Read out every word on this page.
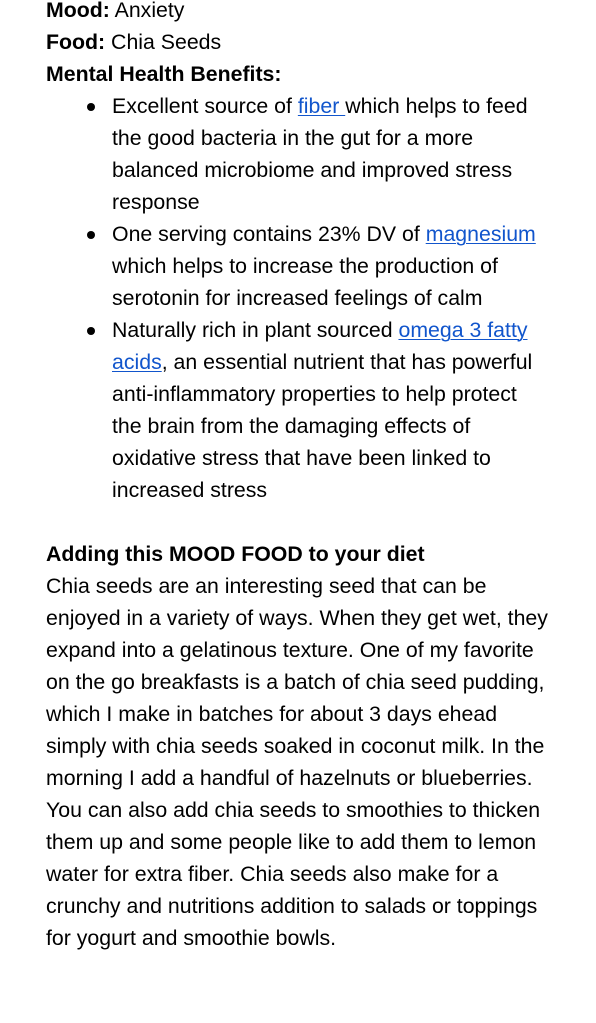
Mood: Anxiety

Food: Chia Seeds

Mental Health Benefits:

Excellent source of fiber which helps to feed the good bacteria in the gut for a more balanced microbiome and improved stress response
One serving contains 23% DV of magnesium which helps to increase the production of serotonin for increased feelings of calm
Naturally rich in plant sourced omega 3 fatty acids, an essential nutrient that has powerful anti-inflammatory properties to help protect the brain from the damaging effects of oxidative stress that have been linked to increased stress

Adding this MOOD FOOD to your diet

Chia seeds are an interesting seed that can be enjoyed in a variety of ways. When they get wet, they expand into a gelatinous texture. One of my favorite on the go breakfasts is a batch of chia seed pudding, which I make in batches for about 3 days ehead simply with chia seeds soaked in coconut milk. In the morning I add a handful of hazelnuts or blueberries. You can also add chia seeds to smoothies to thicken them up and some people like to add them to lemon water for extra fiber. Chia seeds also make for a crunchy and nutritions addition to salads or toppings for yogurt and smoothie bowls.
